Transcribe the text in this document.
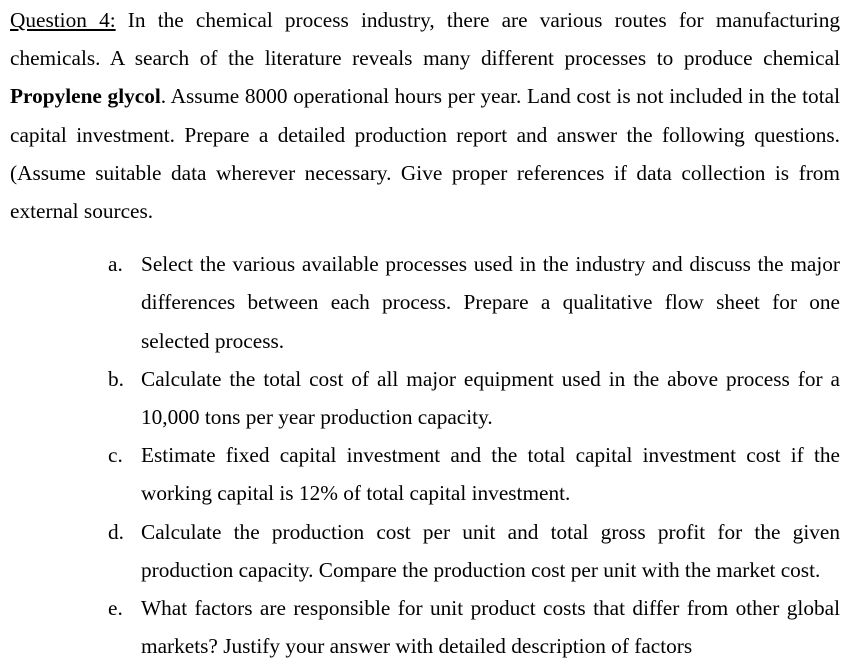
Question 4: In the chemical process industry, there are various routes for manufacturing chemicals. A search of the literature reveals many different processes to produce chemical Propylene glycol. Assume 8000 operational hours per year. Land cost is not included in the total capital investment. Prepare a detailed production report and answer the following questions. (Assume suitable data wherever necessary. Give proper references if data collection is from external sources.

a. Select the various available processes used in the industry and discuss the major differences between each process. Prepare a qualitative flow sheet for one selected process.
b. Calculate the total cost of all major equipment used in the above process for a 10,000 tons per year production capacity.
c. Estimate fixed capital investment and the total capital investment cost if the working capital is 12% of total capital investment.
d. Calculate the production cost per unit and total gross profit for the given production capacity. Compare the production cost per unit with the market cost.
e. What factors are responsible for unit product costs that differ from other global markets? Justify your answer with detailed description of factors
